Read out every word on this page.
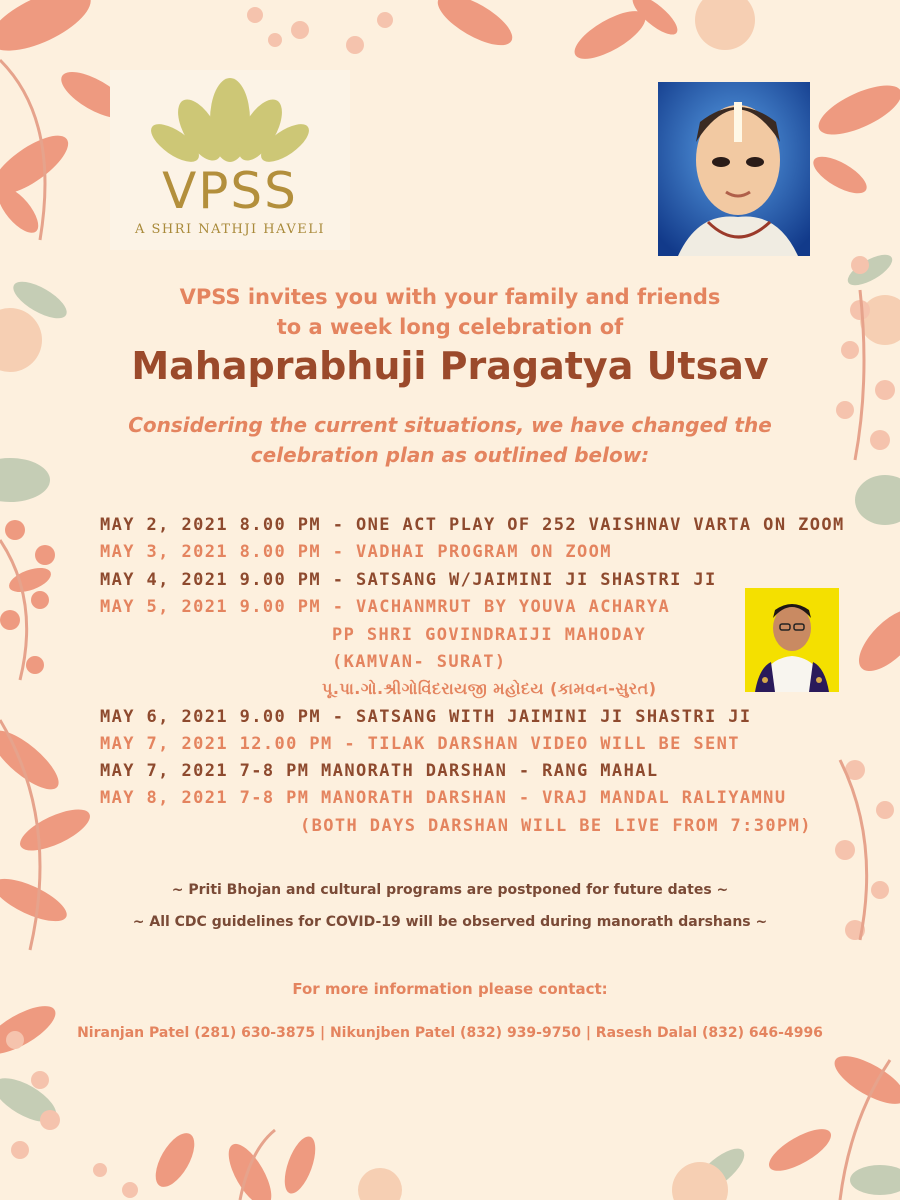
VPSS
A SHRI NATHJI HAVELI
VPSS invites you with your family and friends
to a week long celebration of
Mahaprabhuji Pragatya Utsav
Considering the current situations, we have changed the
celebration plan as outlined below:
MAY 2, 2021 8.00 PM - ONE ACT PLAY OF 252 VAISHNAV VARTA ON ZOOM
MAY 3, 2021 8.00 PM - VADHAI PROGRAM ON ZOOM
MAY 4, 2021 9.00 PM - SATSANG W/JAIMINI JI SHASTRI JI
MAY 5, 2021 9.00 PM - VACHANMRUT BY YOUVA ACHARYA
PP SHRI GOVINDRAIJI MAHODAY
(KAMVAN- SURAT)
પૂ.પા.ગો.શ્રીગોવિંદરાયજી મહોદય (કામવન-સુરત)
MAY 6, 2021 9.00 PM - SATSANG WITH JAIMINI JI SHASTRI JI
MAY 7, 2021 12.00 PM - TILAK DARSHAN VIDEO WILL BE SENT
MAY 7, 2021 7-8 PM MANORATH DARSHAN - RANG MAHAL
MAY 8, 2021 7-8 PM MANORATH DARSHAN - VRAJ MANDAL RALIYAMNU
(BOTH DAYS DARSHAN WILL BE LIVE FROM 7:30PM)
~ Priti Bhojan and cultural programs are postponed for future dates ~
~ All CDC guidelines for COVID-19 will be observed during manorath darshans ~
For more information please contact:
Niranjan Patel (281) 630-3875 | Nikunjben Patel (832) 939-9750 | Rasesh Dalal (832) 646-4996
